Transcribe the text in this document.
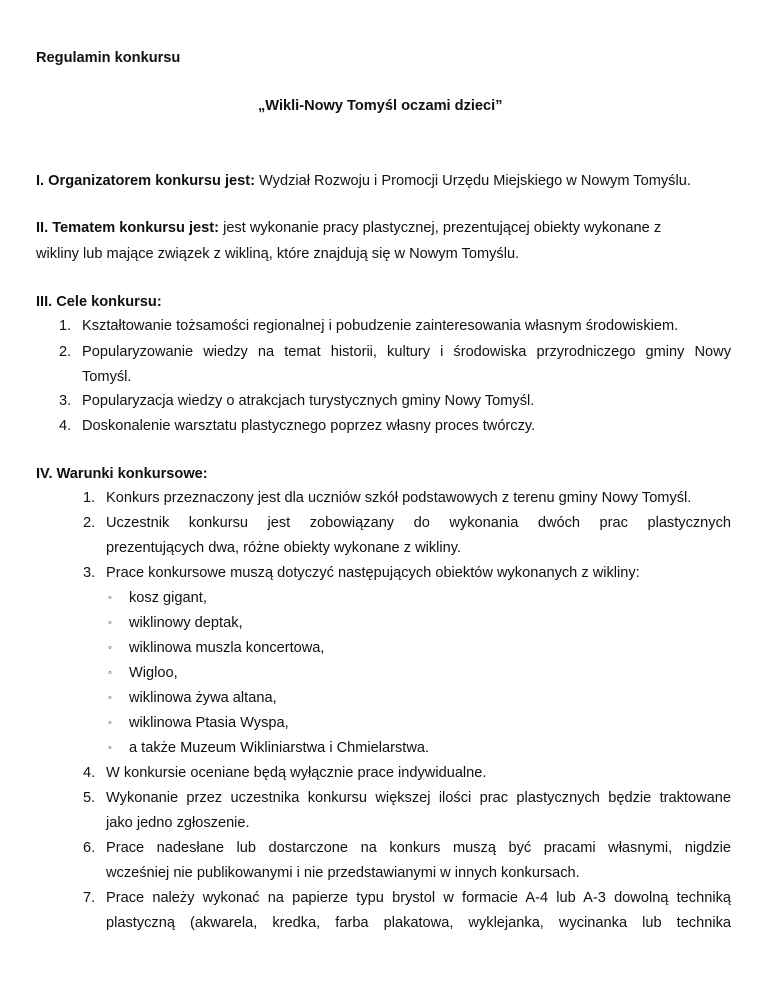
Regulamin konkursu
„Wikli-Nowy Tomyśl oczami dzieci”
I. Organizatorem konkursu jest: Wydział Rozwoju i Promocji Urzędu Miejskiego w Nowym Tomyślu.
II. Tematem konkursu jest: jest wykonanie pracy plastycznej, prezentującej obiekty wykonane z
wikliny lub mające związek z wikliną, które znajdują się w Nowym Tomyślu.
III. Cele konkursu:
1. Kształtowanie tożsamości regionalnej i pobudzenie zainteresowania własnym środowiskiem.
2. Popularyzowanie wiedzy na temat historii, kultury i środowiska przyrodniczego gminy Nowy
Tomyśl.
3. Popularyzacja wiedzy o atrakcjach turystycznych gminy Nowy Tomyśl.
4. Doskonalenie warsztatu plastycznego poprzez własny proces twórczy.
IV. Warunki konkursowe:
1. Konkurs przeznaczony jest dla uczniów szkół podstawowych z terenu gminy Nowy Tomyśl.
2. Uczestnik konkursu jest zobowiązany do wykonania dwóch prac plastycznych
prezentujących dwa, różne obiekty wykonane z wikliny.
3. Prace konkursowe muszą dotyczyć następujących obiektów wykonanych z wikliny:
◦ kosz gigant,
◦ wiklinowy deptak,
◦ wiklinowa muszla koncertowa,
◦ Wigloo,
◦ wiklinowa żywa altana,
◦ wiklinowa Ptasia Wyspa,
◦ a także Muzeum Wikliniarstwa i Chmielarstwa.
4. W konkursie oceniane będą wyłącznie prace indywidualne.
5. Wykonanie przez uczestnika konkursu większej ilości prac plastycznych będzie traktowane
jako jedno zgłoszenie.
6. Prace nadesłane lub dostarczone na konkurs muszą być pracami własnymi, nigdzie
wcześniej nie publikowanymi i nie przedstawianymi w innych konkursach.
7. Prace należy wykonać na papierze typu brystol w formacie A-4 lub A-3 dowolną techniką
plastyczną (akwarela, kredka, farba plakatowa, wyklejanka, wycinanka lub technika
